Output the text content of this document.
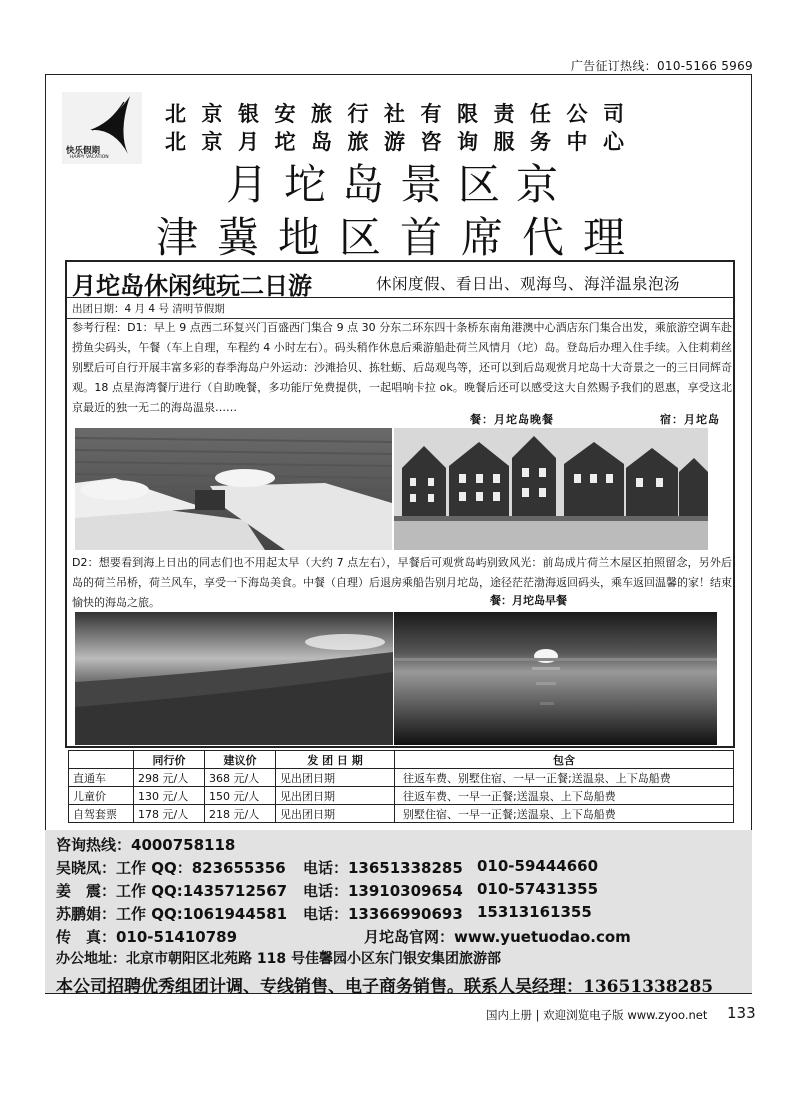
广告征订热线：010-5166 5969
快乐假期
HAPPY VACATION
北京银安旅行社有限责任公司
北京月坨岛旅游咨询服务中心
月坨岛景区京
津冀地区首席代理
月坨岛休闲纯玩二日游	休闲度假、看日出、观海鸟、海洋温泉泡汤
出团日期：4 月 4 号 清明节假期
参考行程：D1：早上 9 点西二环复兴门百盛西门集合 9 点 30 分东二环东四十条桥东南角港澳中心酒店东门集合出发，乘旅游空调车赴捞鱼尖码头，午餐（车上自理，车程约 4 小时左右）。码头稍作休息后乘游船赴荷兰风情月（坨）岛。登岛后办理入住手续。入住莉莉丝别墅后可自行开展丰富多彩的春季海岛户外运动：沙滩拾贝、拣牡蛎、后岛观鸟等，还可以到后岛观赏月坨岛十大奇景之一的三日同辉奇观。18 点星海湾餐厅进行（自助晚餐，多功能厅免费提供，一起唱响卡拉 ok。晚餐后还可以感受这大自然赐予我们的恩惠，享受这北京最近的独一无二的海岛温泉……
餐：月坨岛晚餐	宿：月坨岛
D2：想要看到海上日出的同志们也不用起太早（大约 7 点左右），早餐后可观赏岛屿别致风光：前岛成片荷兰木屋区拍照留念，另外后岛的荷兰吊桥，荷兰风车，享受一下海岛美食。中餐（自理）后退房乘船告别月坨岛，途径茫茫渤海返回码头，乘车返回温馨的家！结束愉快的海岛之旅。	餐：月坨岛早餐
	同行价	建议价	发 团 日 期	包含
直通车	298 元/人	368 元/人	见出团日期	往返车费、别墅住宿、一早一正餐;送温泉、上下岛船费
儿童价	130 元/人	150 元/人	见出团日期	往返车费、一早一正餐;送温泉、上下岛船费
自驾套票	178 元/人	218 元/人	见出团日期	别墅住宿、一早一正餐;送温泉、上下岛船费
咨询热线：4000758118
吴晓凤：工作 QQ：823655356 电话：13651338285 010-59444660
姜　震：工作 QQ:1435712567 电话：13910309654 010-57431355
苏鹏娟：工作 QQ:1061944581 电话：13366990693 15313161355
传　真：010-51410789	月坨岛官网：www.yuetuodao.com
办公地址：北京市朝阳区北苑路 118 号佳馨园小区东门银安集团旅游部
本公司招聘优秀组团计调、专线销售、电子商务销售。联系人吴经理：13651338285
国内上册 | 欢迎浏览电子版 www.zyoo.net 133
